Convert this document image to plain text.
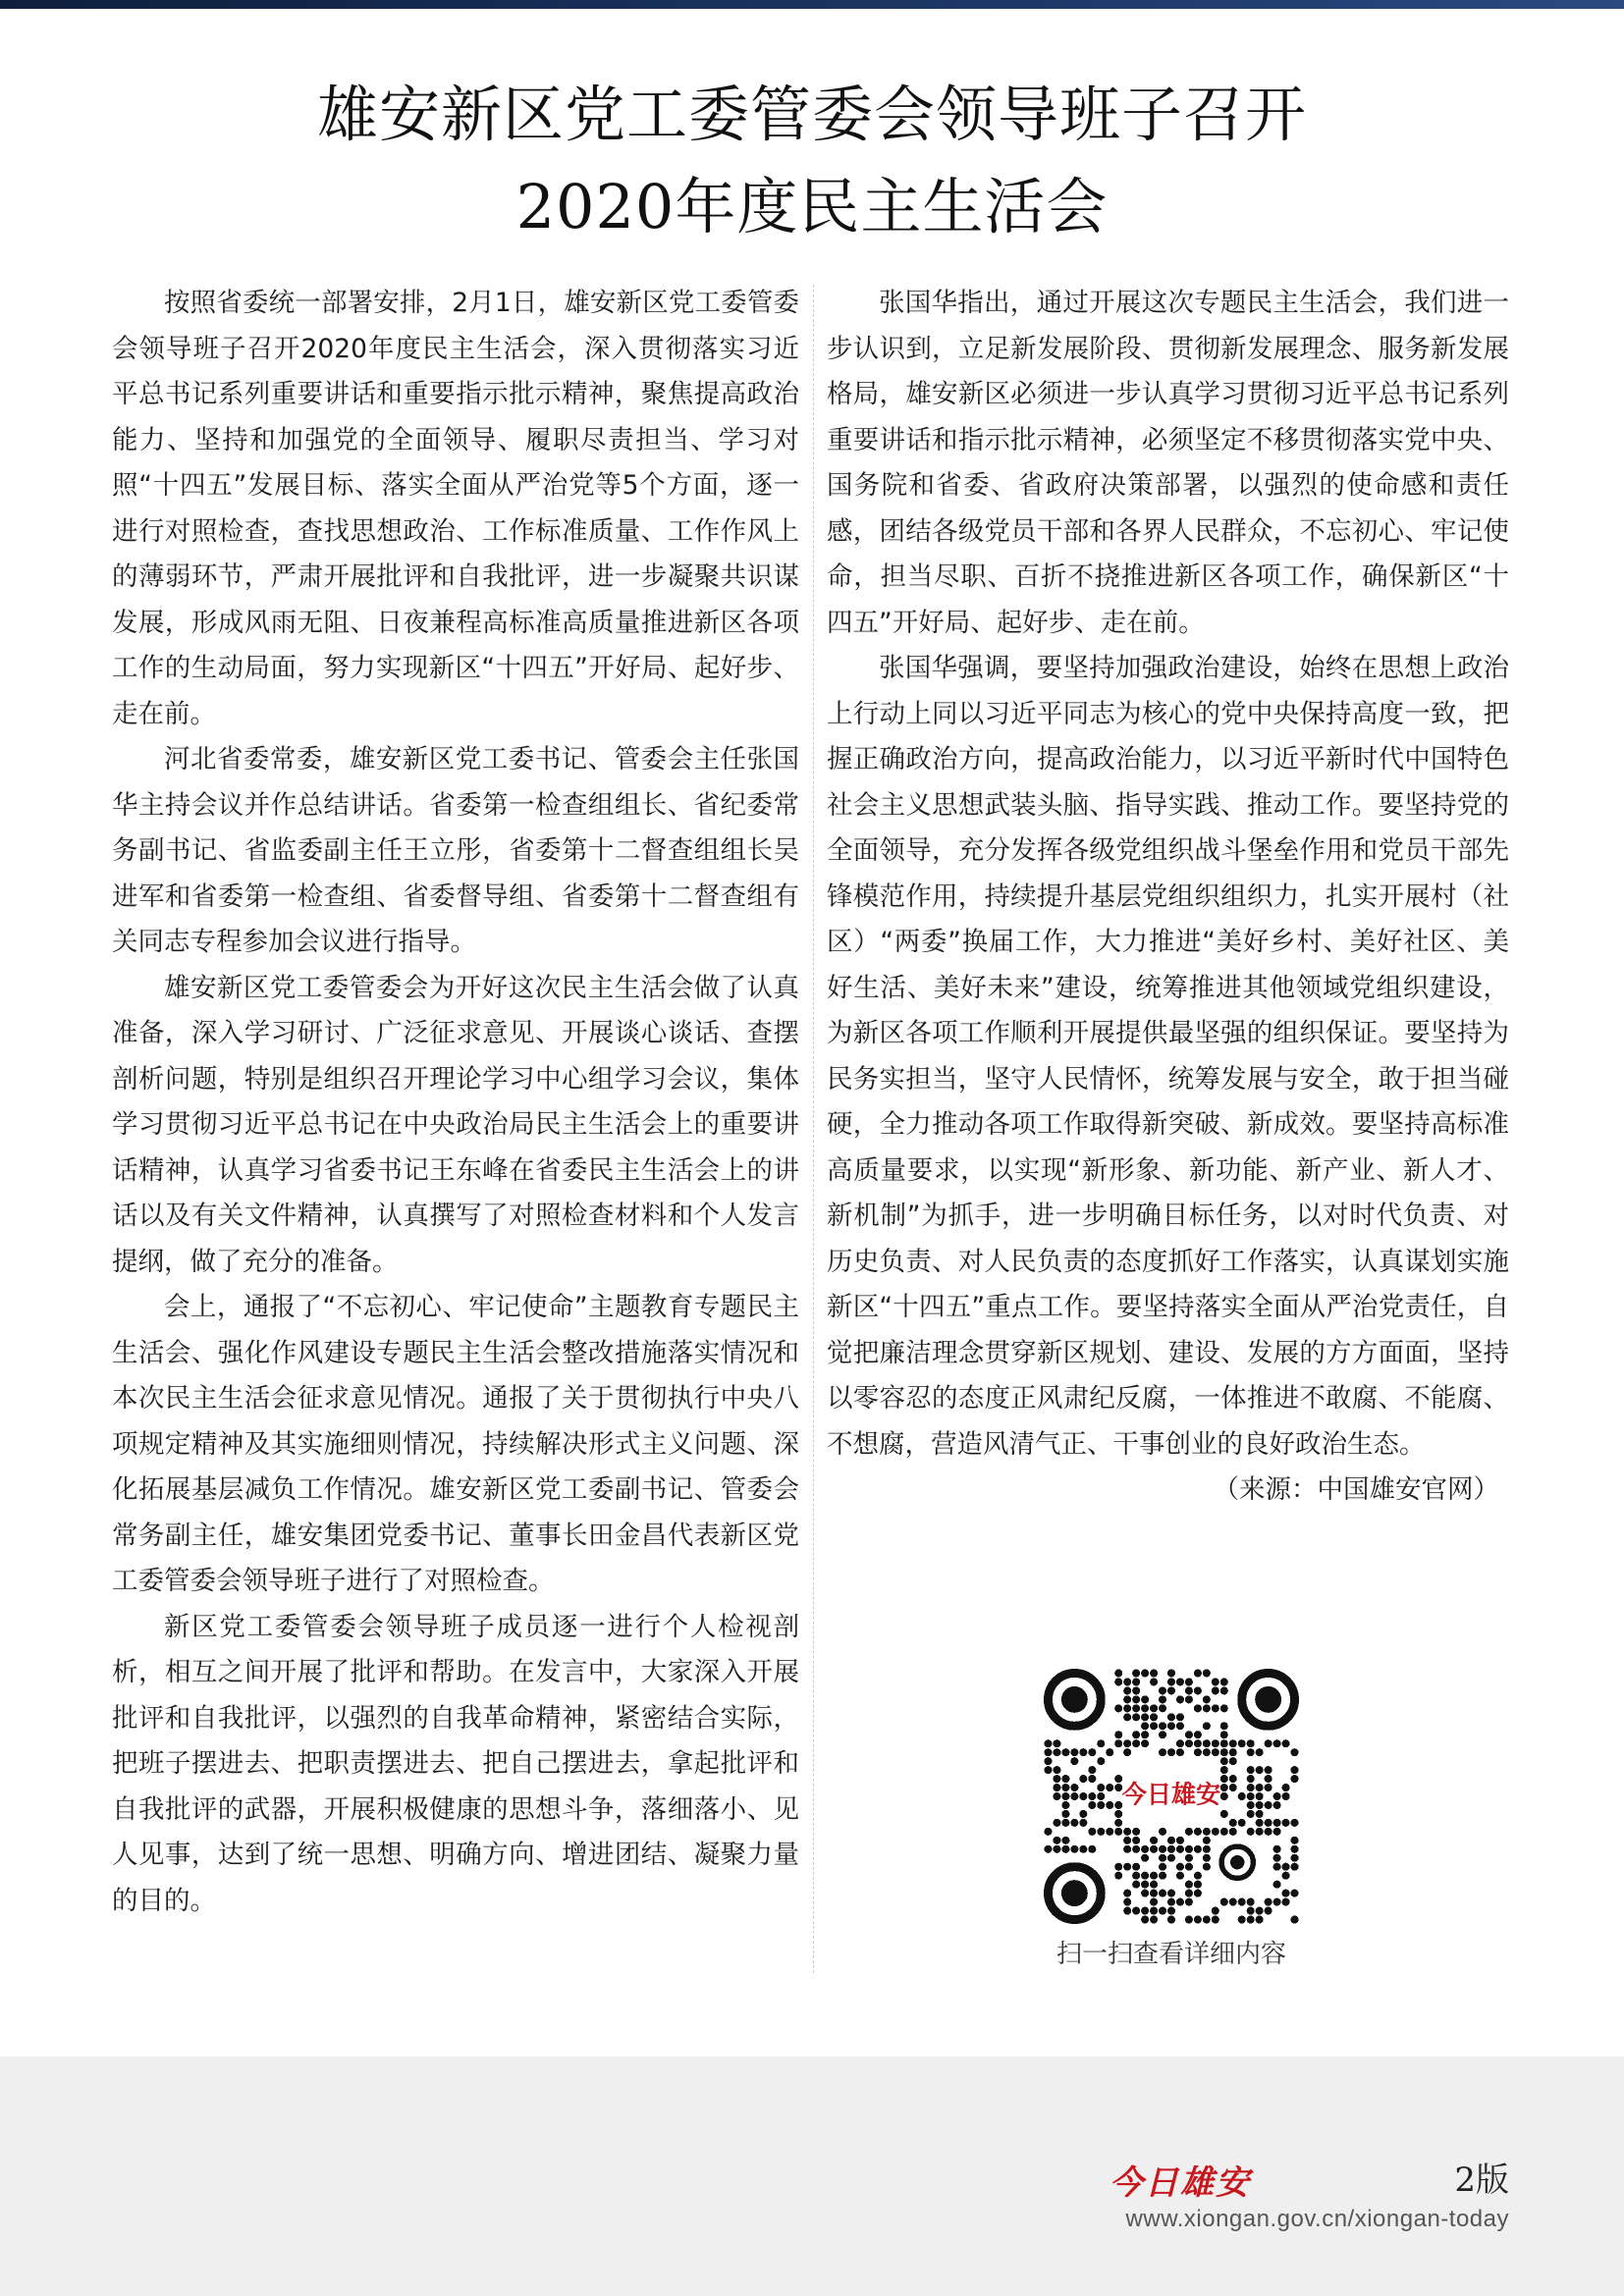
雄安新区党工委管委会领导班子召开
2020年度民主生活会

按照省委统一部署安排，2月1日，雄安新区党工委管委会领导班子召开2020年度民主生活会，深入贯彻落实习近平总书记系列重要讲话和重要指示批示精神，聚焦提高政治能力、坚持和加强党的全面领导、履职尽责担当、学习对照“十四五”发展目标、落实全面从严治党等5个方面，逐一进行对照检查，查找思想政治、工作标准质量、工作作风上的薄弱环节，严肃开展批评和自我批评，进一步凝聚共识谋发展，形成风雨无阻、日夜兼程高标准高质量推进新区各项工作的生动局面，努力实现新区“十四五”开好局、起好步、走在前。

河北省委常委，雄安新区党工委书记、管委会主任张国华主持会议并作总结讲话。省委第一检查组组长、省纪委常务副书记、省监委副主任王立彤，省委第十二督查组组长吴进军和省委第一检查组、省委督导组、省委第十二督查组有关同志专程参加会议进行指导。

雄安新区党工委管委会为开好这次民主生活会做了认真准备，深入学习研讨、广泛征求意见、开展谈心谈话、查摆剖析问题，特别是组织召开理论学习中心组学习会议，集体学习贯彻习近平总书记在中央政治局民主生活会上的重要讲话精神，认真学习省委书记王东峰在省委民主生活会上的讲话以及有关文件精神，认真撰写了对照检查材料和个人发言提纲，做了充分的准备。

会上，通报了“不忘初心、牢记使命”主题教育专题民主生活会、强化作风建设专题民主生活会整改措施落实情况和本次民主生活会征求意见情况。通报了关于贯彻执行中央八项规定精神及其实施细则情况，持续解决形式主义问题、深化拓展基层减负工作情况。雄安新区党工委副书记、管委会常务副主任，雄安集团党委书记、董事长田金昌代表新区党工委管委会领导班子进行了对照检查。

新区党工委管委会领导班子成员逐一进行个人检视剖析，相互之间开展了批评和帮助。在发言中，大家深入开展批评和自我批评，以强烈的自我革命精神，紧密结合实际，把班子摆进去、把职责摆进去、把自己摆进去，拿起批评和自我批评的武器，开展积极健康的思想斗争，落细落小、见人见事，达到了统一思想、明确方向、增进团结、凝聚力量的目的。

张国华指出，通过开展这次专题民主生活会，我们进一步认识到，立足新发展阶段、贯彻新发展理念、服务新发展格局，雄安新区必须进一步认真学习贯彻习近平总书记系列重要讲话和指示批示精神，必须坚定不移贯彻落实党中央、国务院和省委、省政府决策部署，以强烈的使命感和责任感，团结各级党员干部和各界人民群众，不忘初心、牢记使命，担当尽职、百折不挠推进新区各项工作，确保新区“十四五”开好局、起好步、走在前。

张国华强调，要坚持加强政治建设，始终在思想上政治上行动上同以习近平同志为核心的党中央保持高度一致，把握正确政治方向，提高政治能力，以习近平新时代中国特色社会主义思想武装头脑、指导实践、推动工作。要坚持党的全面领导，充分发挥各级党组织战斗堡垒作用和党员干部先锋模范作用，持续提升基层党组织组织力，扎实开展村（社区）“两委”换届工作，大力推进“美好乡村、美好社区、美好生活、美好未来”建设，统筹推进其他领域党组织建设，为新区各项工作顺利开展提供最坚强的组织保证。要坚持为民务实担当，坚守人民情怀，统筹发展与安全，敢于担当碰硬，全力推动各项工作取得新突破、新成效。要坚持高标准高质量要求，以实现“新形象、新功能、新产业、新人才、新机制”为抓手，进一步明确目标任务，以对时代负责、对历史负责、对人民负责的态度抓好工作落实，认真谋划实施新区“十四五”重点工作。要坚持落实全面从严治党责任，自觉把廉洁理念贯穿新区规划、建设、发展的方方面面，坚持以零容忍的态度正风肃纪反腐，一体推进不敢腐、不能腐、不想腐，营造风清气正、干事创业的良好政治生态。

（来源：中国雄安官网）

今日雄安
扫一扫查看详细内容
今日雄安	2版
www.xiongan.gov.cn/xiongan-today
